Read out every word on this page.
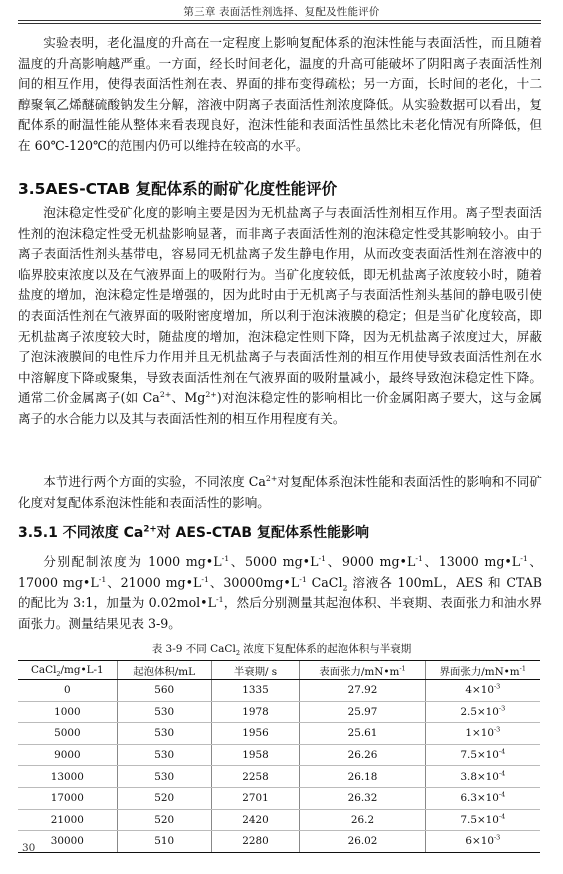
第三章 表面活性剂选择、复配及性能评价

实验表明，老化温度的升高在一定程度上影响复配体系的泡沫性能与表面活性，而且随着温度的升高影响越严重。一方面，经长时间老化，温度的升高可能破坏了阴阳离子表面活性剂间的相互作用，使得表面活性剂在表、界面的排布变得疏松；另一方面，长时间的老化，十二醇聚氧乙烯醚硫酸钠发生分解，溶液中阴离子表面活性剂浓度降低。从实验数据可以看出，复配体系的耐温性能从整体来看表现良好，泡沫性能和表面活性虽然比未老化情况有所降低，但在 60℃-120℃的范围内仍可以维持在较高的水平。

3.5AES-CTAB 复配体系的耐矿化度性能评价

泡沫稳定性受矿化度的影响主要是因为无机盐离子与表面活性剂相互作用。离子型表面活性剂的泡沫稳定性受无机盐影响显著，而非离子表面活性剂的泡沫稳定性受其影响较小。由于离子表面活性剂头基带电，容易同无机盐离子发生静电作用，从而改变表面活性剂在溶液中的临界胶束浓度以及在气液界面上的吸附行为。当矿化度较低，即无机盐离子浓度较小时，随着盐度的增加，泡沫稳定性是增强的，因为此时由于无机离子与表面活性剂头基间的静电吸引使的表面活性剂在气液界面的吸附密度增加，所以利于泡沫液膜的稳定；但是当矿化度较高，即无机盐离子浓度较大时，随盐度的增加，泡沫稳定性则下降，因为无机盐离子浓度过大，屏蔽了泡沫液膜间的电性斥力作用并且无机盐离子与表面活性剂的相互作用使导致表面活性剂在水中溶解度下降或聚集，导致表面活性剂在气液界面的吸附量减小，最终导致泡沫稳定性下降。通常二价金属离子(如 $Ca^{2+}$、$Mg^{2+}$)对泡沫稳定性的影响相比一价金属阳离子要大，这与金属离子的水合能力以及其与表面活性剂的相互作用程度有关。

本节进行两个方面的实验，不同浓度 $Ca^{2+}$对复配体系泡沫性能和表面活性的影响和不同矿化度对复配体系泡沫性能和表面活性的影响。

3.5.1 不同浓度 $Ca^{2+}$对 AES-CTAB 复配体系性能影响

分别配制浓度为 1000 $mg•L^{-1}$、5000 $mg•L^{-1}$、9000 $mg•L^{-1}$、13000 $mg•L^{-1}$、17000 $mg•L^{-1}$、21000 $mg•L^{-1}$、$30000mg•L^{-1}$ CaCl$_2$ 溶液各 100mL，AES 和 CTAB 的配比为 3:1，加量为 $0.02mol•L^{-1}$，然后分别测量其起泡体积、半衰期、表面张力和油水界面张力。测量结果见表 3-9。

表 3-9 不同 CaCl$_2$ 浓度下复配体系的起泡体积与半衰期
CaCl$_2$/mg•L-1	起泡体积/mL	半衰期/ s	表面张力$/mN•m^{-1}$	界面张力$/mN•m^{-1}$
0	560	1335	27.92	$4\times 10^{-3}$
1000	530	1978	25.97	$2.5\times 10^{-3}$
5000	530	1956	25.61	$1\times 10^{-3}$
9000	530	1958	26.26	$7.5\times 10^{-4}$
13000	530	2258	26.18	$3.8\times 10^{-4}$
17000	520	2701	26.32	$6.3\times 10^{-4}$
21000	520	2420	26.2	$7.5\times 10^{-4}$
30000	510	2280	26.02	$6\times 10^{-3}$
30
